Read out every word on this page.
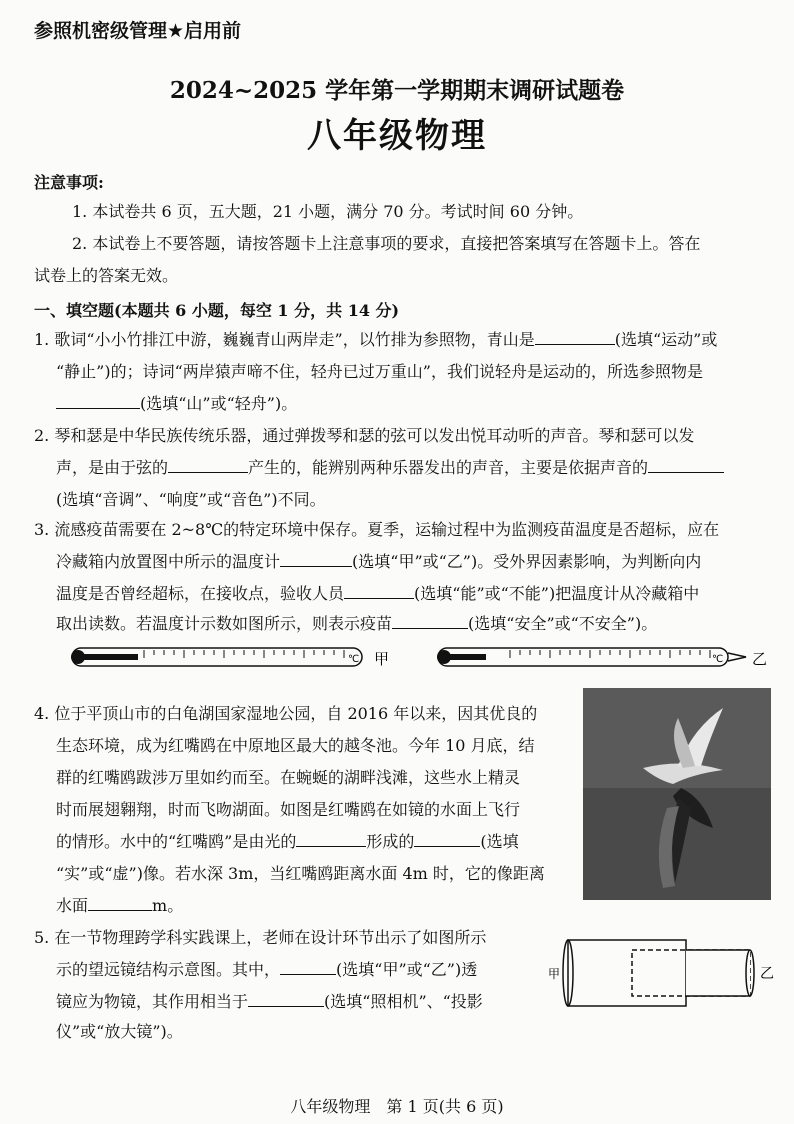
参照机密级管理★启用前
2024~2025 学年第一学期期末调研试题卷
八年级物理
注意事项:
1. 本试卷共 6 页，五大题，21 小题，满分 70 分。考试时间 60 分钟。
2. 本试卷上不要答题，请按答题卡上注意事项的要求，直接把答案填写在答题卡上。答在
试卷上的答案无效。
一、填空题(本题共 6 小题，每空 1 分，共 14 分)
1. 歌词“小小竹排江中游，巍巍青山两岸走”，以竹排为参照物，青山是	(选填“运动”或
“静止”)的；诗词“两岸猿声啼不住，轻舟已过万重山”，我们说轻舟是运动的，所选参照物是
(选填“山”或“轻舟”)。
2. 琴和瑟是中华民族传统乐器，通过弹拨琴和瑟的弦可以发出悦耳动听的声音。琴和瑟可以发
声，是由于弦的	产生的，能辨别两种乐器发出的声音，主要是依据声音的
(选填“音调”、“响度”或“音色”)不同。
3. 流感疫苗需要在 2~8℃的特定环境中保存。夏季，运输过程中为监测疫苗温度是否超标，应在
冷藏箱内放置图中所示的温度计	(选填“甲”或“乙”)。受外界因素影响，为判断向内
温度是否曾经超标，在接收点，验收人员	(选填“能”或“不能”)把温度计从冷藏箱中
取出读数。若温度计示数如图所示，则表示疫苗	(选填“安全”或“不安全”)。
℃ 甲	℃ 乙
4. 位于平顶山市的白龟湖国家湿地公园，自 2016 年以来，因其优良的
生态环境，成为红嘴鸥在中原地区最大的越冬池。今年 10 月底，结
群的红嘴鸥跋涉万里如约而至。在蜿蜒的湖畔浅滩，这些水上精灵
时而展翅翱翔，时而飞吻湖面。如图是红嘴鸥在如镜的水面上飞行
的情形。水中的“红嘴鸥”是由光的	形成的	(选填
“实”或“虚”)像。若水深 3m，当红嘴鸥距离水面 4m 时，它的像距离
水面	m。
5. 在一节物理跨学科实践课上，老师在设计环节出示了如图所示
示的望远镜结构示意图。其中，	(选填“甲”或“乙”)透
镜应为物镜，其作用相当于	(选填“照相机”、“投影
仪”或“放大镜”)。
甲	乙
八年级物理　第 1 页(共 6 页)
